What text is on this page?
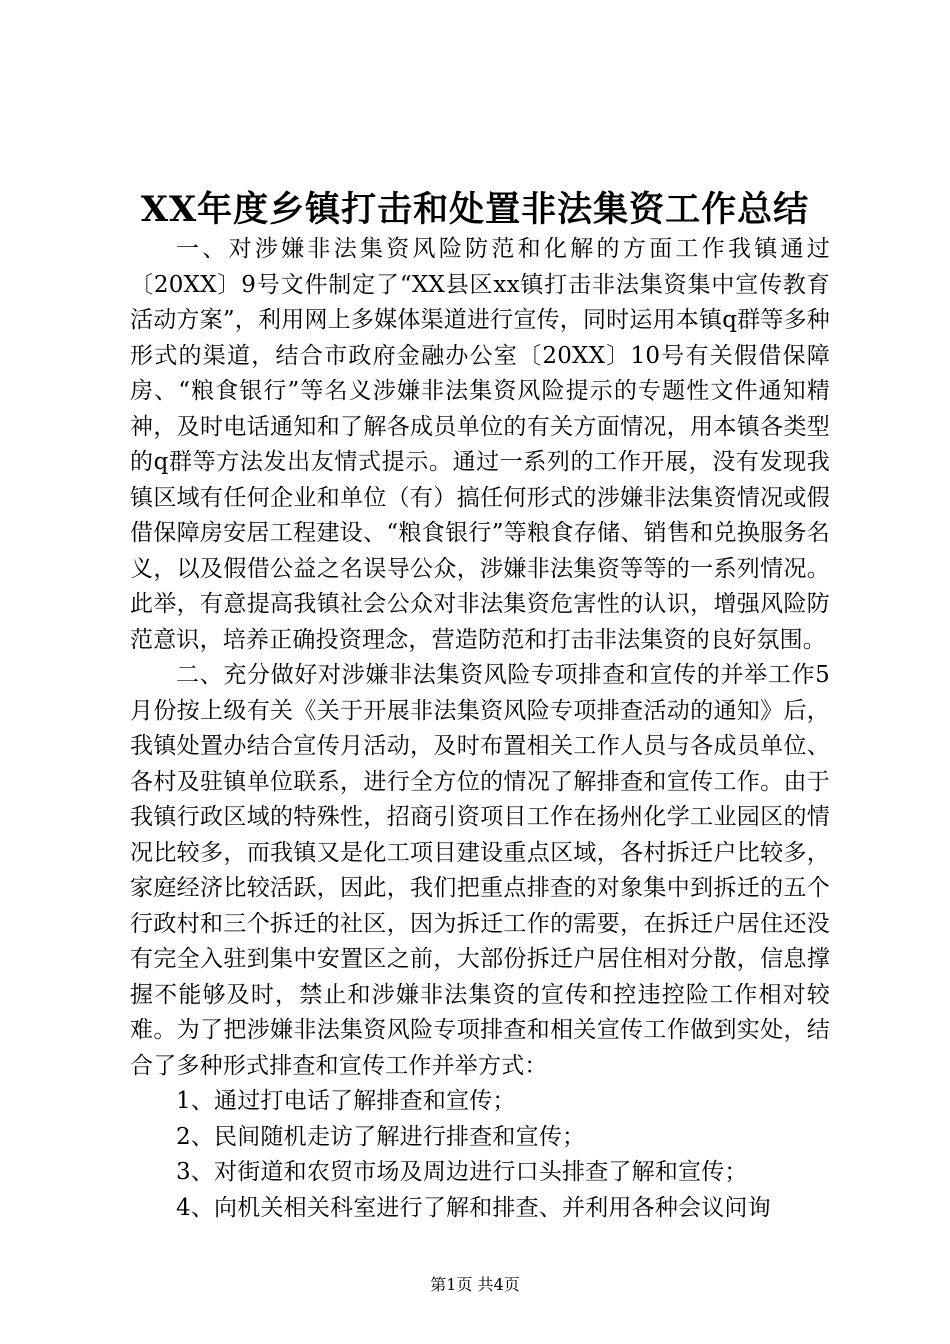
XX年度乡镇打击和处置非法集资工作总结

一、对涉嫌非法集资风险防范和化解的方面工作我镇通过〔20XX〕9号文件制定了“XX县区xx镇打击非法集资集中宣传教育活动方案”，利用网上多媒体渠道进行宣传，同时运用本镇q群等多种形式的渠道，结合市政府金融办公室〔20XX〕10号有关假借保障房、“粮食银行”等名义涉嫌非法集资风险提示的专题性文件通知精神，及时电话通知和了解各成员单位的有关方面情况，用本镇各类型的q群等方法发出友情式提示。通过一系列的工作开展，没有发现我镇区域有任何企业和单位（有）搞任何形式的涉嫌非法集资情况或假借保障房安居工程建设、“粮食银行”等粮食存储、销售和兑换服务名义，以及假借公益之名误导公众，涉嫌非法集资等等的一系列情况。此举，有意提高我镇社会公众对非法集资危害性的认识，增强风险防范意识，培养正确投资理念，营造防范和打击非法集资的良好氛围。

二、充分做好对涉嫌非法集资风险专项排查和宣传的并举工作5月份按上级有关《关于开展非法集资风险专项排查活动的通知》后，我镇处置办结合宣传月活动，及时布置相关工作人员与各成员单位、各村及驻镇单位联系，进行全方位的情况了解排查和宣传工作。由于我镇行政区域的特殊性，招商引资项目工作在扬州化学工业园区的情况比较多，而我镇又是化工项目建设重点区域，各村拆迁户比较多，家庭经济比较活跃，因此，我们把重点排查的对象集中到拆迁的五个行政村和三个拆迁的社区，因为拆迁工作的需要，在拆迁户居住还没有完全入驻到集中安置区之前，大部份拆迁户居住相对分散，信息撑握不能够及时，禁止和涉嫌非法集资的宣传和控违控险工作相对较难。为了把涉嫌非法集资风险专项排查和相关宣传工作做到实处，结合了多种形式排查和宣传工作并举方式：

1、通过打电话了解排查和宣传；

2、民间随机走访了解进行排查和宣传；

3、对街道和农贸市场及周边进行口头排查了解和宣传；

4、向机关相关科室进行了解和排查、并利用各种会议问询

第1页 共4页
